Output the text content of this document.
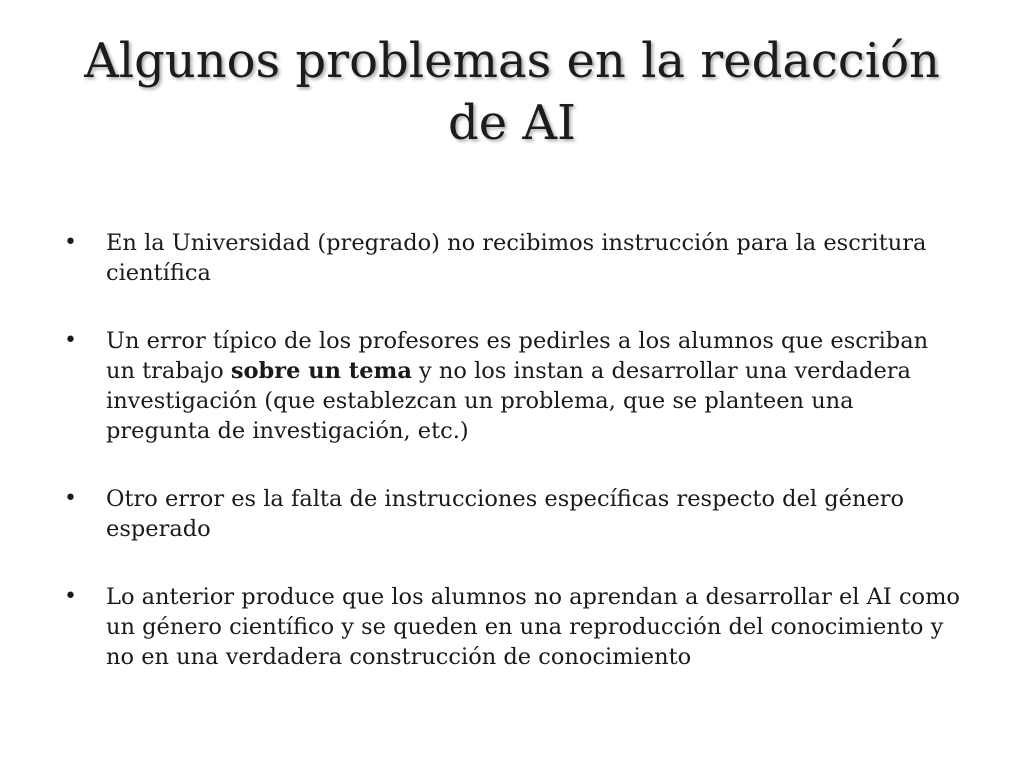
Algunos problemas en la redacción
de AI
• En la Universidad (pregrado) no recibimos instrucción para la escritura científica
• Un error típico de los profesores es pedirles a los alumnos que escriban un trabajo sobre un tema y no los instan a desarrollar una verdadera investigación (que establezcan un problema, que se planteen una pregunta de investigación, etc.)
• Otro error es la falta de instrucciones específicas respecto del género esperado
• Lo anterior produce que los alumnos no aprendan a desarrollar el AI como un género científico y se queden en una reproducción del conocimiento y no en una verdadera construcción de conocimiento
